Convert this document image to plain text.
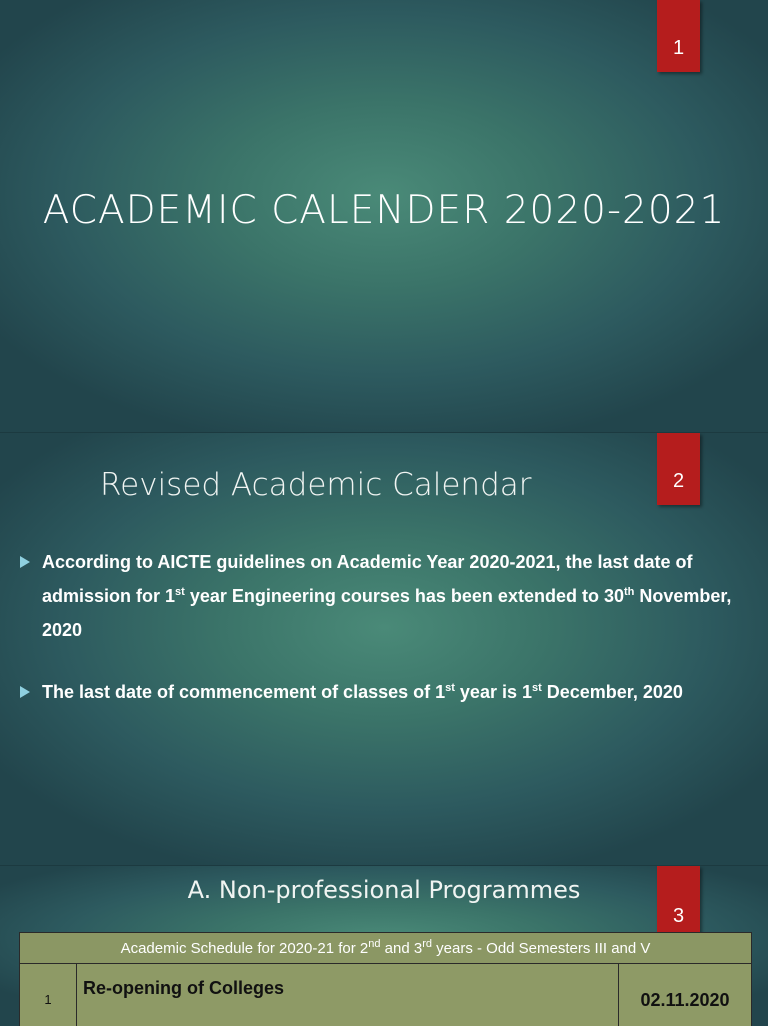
1
ACADEMIC CALENDER 2020-2021
Revised Academic Calendar	2
According to AICTE guidelines on Academic Year 2020-2021, the last date of admission for 1st year Engineering courses has been extended to 30th November, 2020
The last date of commencement of classes of 1st year is 1st December, 2020
A. Non-professional Programmes
3
Academic Schedule for 2020-21 for 2nd and 3rd years - Odd Semesters III and V
1	Re-opening of Colleges	02.11.2020
